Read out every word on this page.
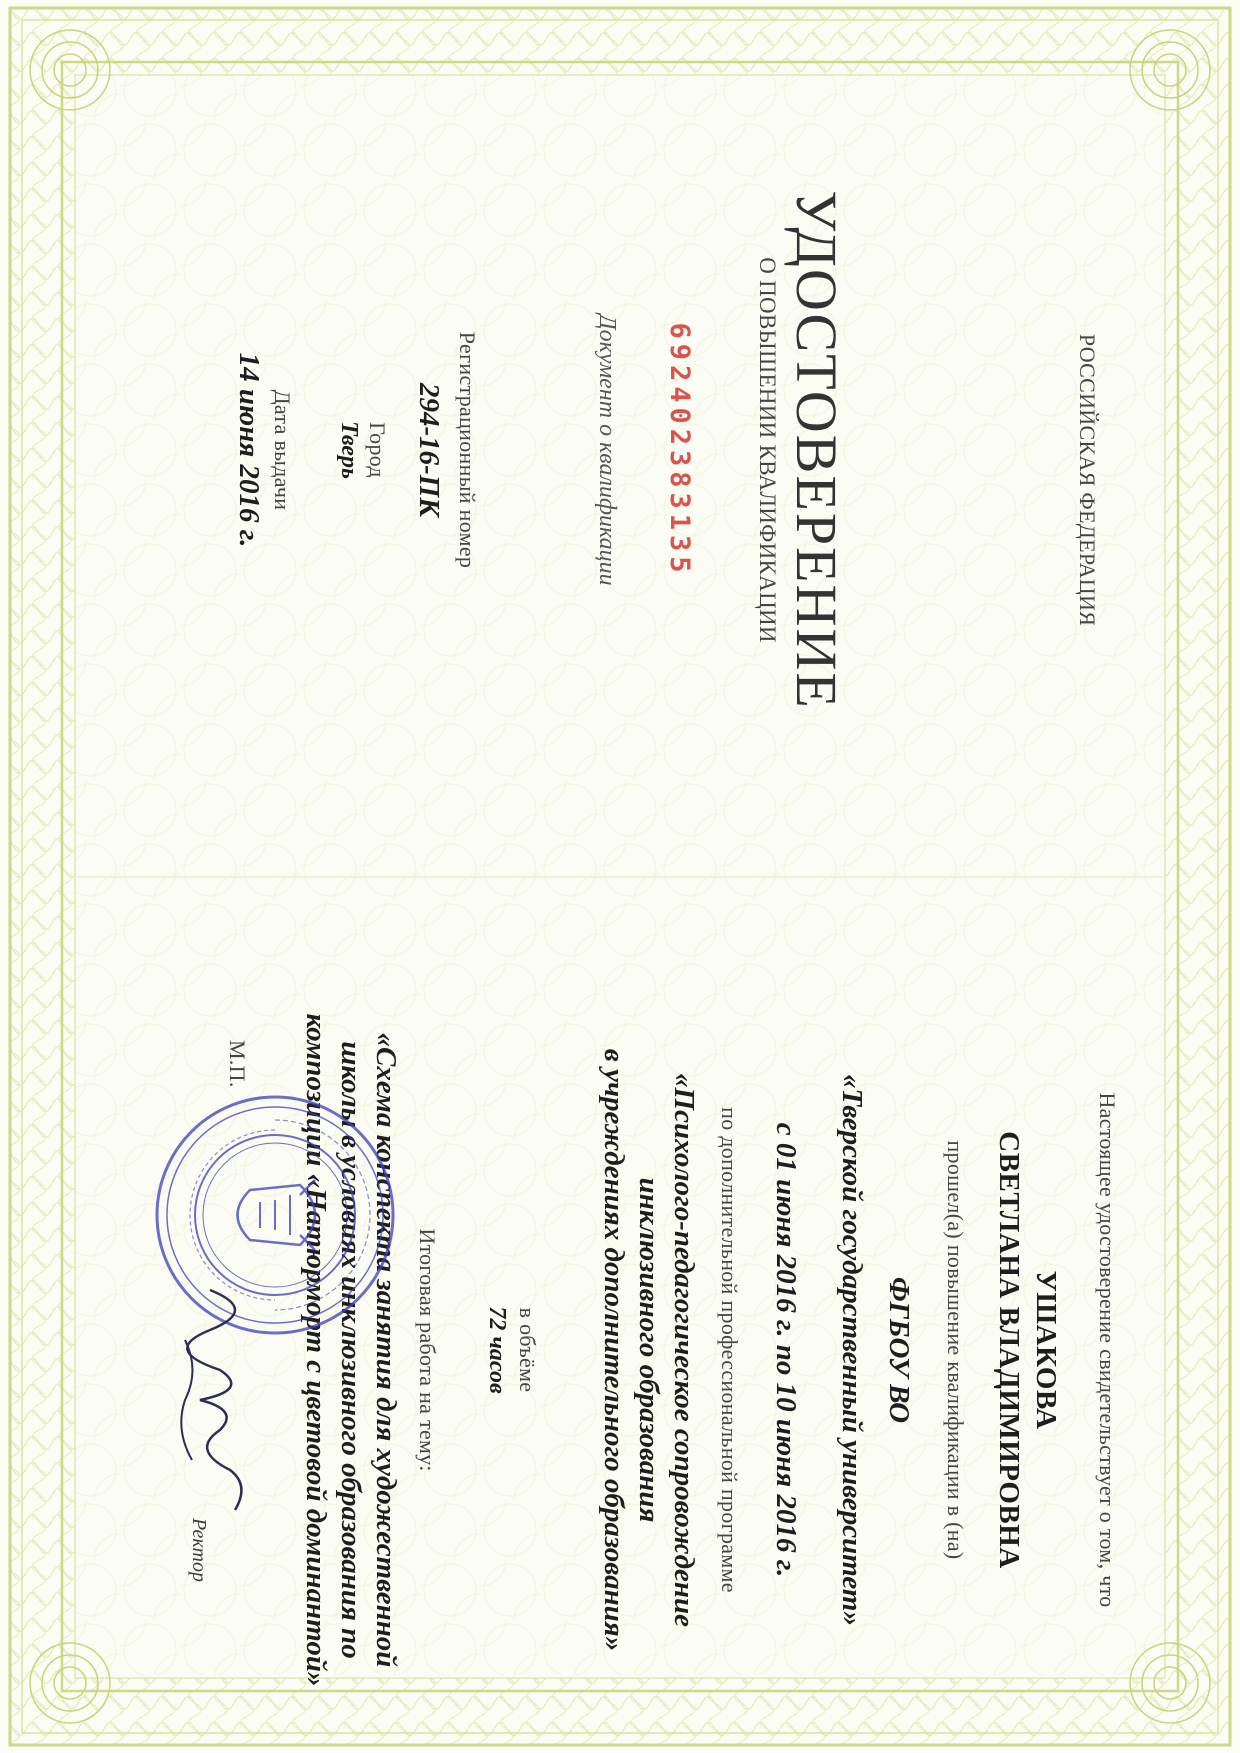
РОССИЙСКАЯ ФЕДЕРАЦИЯ
УДОСТОВЕРЕНИЕ
О ПОВЫШЕНИИ КВАЛИФИКАЦИИ
692402383135
Документ о квалификации
Регистрационный номер
294-16-ПК
Город
Тверь
Дата выдачи
14 июня 2016 г.
Настоящее удостоверение свидетельствует о том, что
УШАКОВА
СВЕТЛАНА ВЛАДИМИРОВНА
прошел(а) повышение квалификации в (на)
ФГБОУ ВО
«Тверской государственный университет»
с 01 июня 2016 г. по 10 июня 2016 г.
по дополнительной профессиональной программе
«Психолого-педагогическое сопровождение
инклюзивного образования
в учреждениях дополнительного образования»
в объёме
72 часов
Итоговая работа на тему:
«Схема конспекта занятия для художественной
школы в условиях инклюзивного образования по
композиции «Натюрморт с цветовой доминантой»
М.П.
Ректор
